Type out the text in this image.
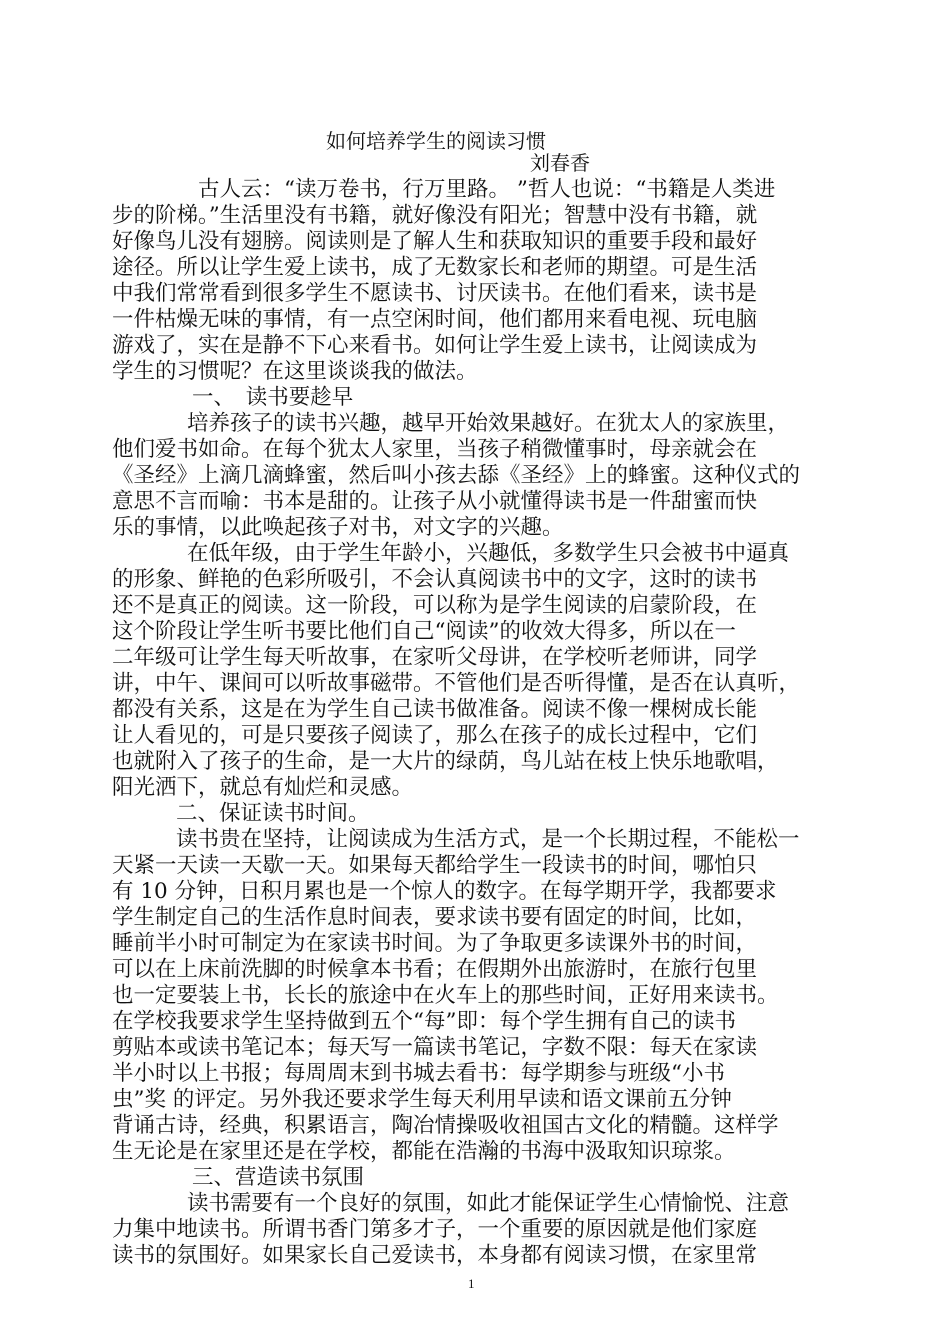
如何培养学生的阅读习惯
刘春香
古人云：“读万卷书，行万里路。 ”哲人也说：“书籍是人类进
步的阶梯。”生活里没有书籍，就好像没有阳光；智慧中没有书籍，就
好像鸟儿没有翅膀。阅读则是了解人生和获取知识的重要手段和最好
途径。所以让学生爱上读书，成了无数家长和老师的期望。可是生活
中我们常常看到很多学生不愿读书、讨厌读书。在他们看来，读书是
一件枯燥无味的事情，有一点空闲时间，他们都用来看电视、玩电脑
游戏了，实在是静不下心来看书。如何让学生爱上读书，让阅读成为
学生的习惯呢？在这里谈谈我的做法。
一、　读书要趁早
培养孩子的读书兴趣，越早开始效果越好。在犹太人的家族里，
他们爱书如命。在每个犹太人家里，当孩子稍微懂事时，母亲就会在
《圣经》上滴几滴蜂蜜，然后叫小孩去舔《圣经》上的蜂蜜。这种仪式的
意思不言而喻：书本是甜的。让孩子从小就懂得读书是一件甜蜜而快
乐的事情，以此唤起孩子对书，对文字的兴趣。
在低年级，由于学生年龄小，兴趣低，多数学生只会被书中逼真
的形象、鲜艳的色彩所吸引，不会认真阅读书中的文字，这时的读书
还不是真正的阅读。这一阶段，可以称为是学生阅读的启蒙阶段，在
这个阶段让学生听书要比他们自己“阅读”的收效大得多，所以在一
二年级可让学生每天听故事，在家听父母讲，在学校听老师讲，同学
讲，中午、课间可以听故事磁带。不管他们是否听得懂，是否在认真听，
都没有关系，这是在为学生自己读书做准备。阅读不像一棵树成长能
让人看见的，可是只要孩子阅读了，那么在孩子的成长过程中，它们
也就附入了孩子的生命，是一大片的绿荫，鸟儿站在枝上快乐地歌唱，
阳光洒下，就总有灿烂和灵感。
二、保证读书时间。
读书贵在坚持，让阅读成为生活方式，是一个长期过程，不能松一
天紧一天读一天歇一天。如果每天都给学生一段读书的时间，哪怕只
有 10 分钟，日积月累也是一个惊人的数字。在每学期开学，我都要求
学生制定自己的生活作息时间表，要求读书要有固定的时间，比如，
睡前半小时可制定为在家读书时间。为了争取更多读课外书的时间，
可以在上床前洗脚的时候拿本书看；在假期外出旅游时，在旅行包里
也一定要装上书，长长的旅途中在火车上的那些时间，正好用来读书。
在学校我要求学生坚持做到五个“每”即：每个学生拥有自己的读书
剪贴本或读书笔记本；每天写一篇读书笔记，字数不限：每天在家读
半小时以上书报；每周周末到书城去看书：每学期参与班级“小书
虫”奖 的评定。另外我还要求学生每天利用早读和语文课前五分钟
背诵古诗，经典，积累语言，陶冶情操吸收祖国古文化的精髓。这样学
生无论是在家里还是在学校，都能在浩瀚的书海中汲取知识琼浆。
三、营造读书氛围
读书需要有一个良好的氛围，如此才能保证学生心情愉悦、注意
力集中地读书。所谓书香门第多才子，一个重要的原因就是他们家庭
读书的氛围好。如果家长自己爱读书，本身都有阅读习惯，在家里常
1
